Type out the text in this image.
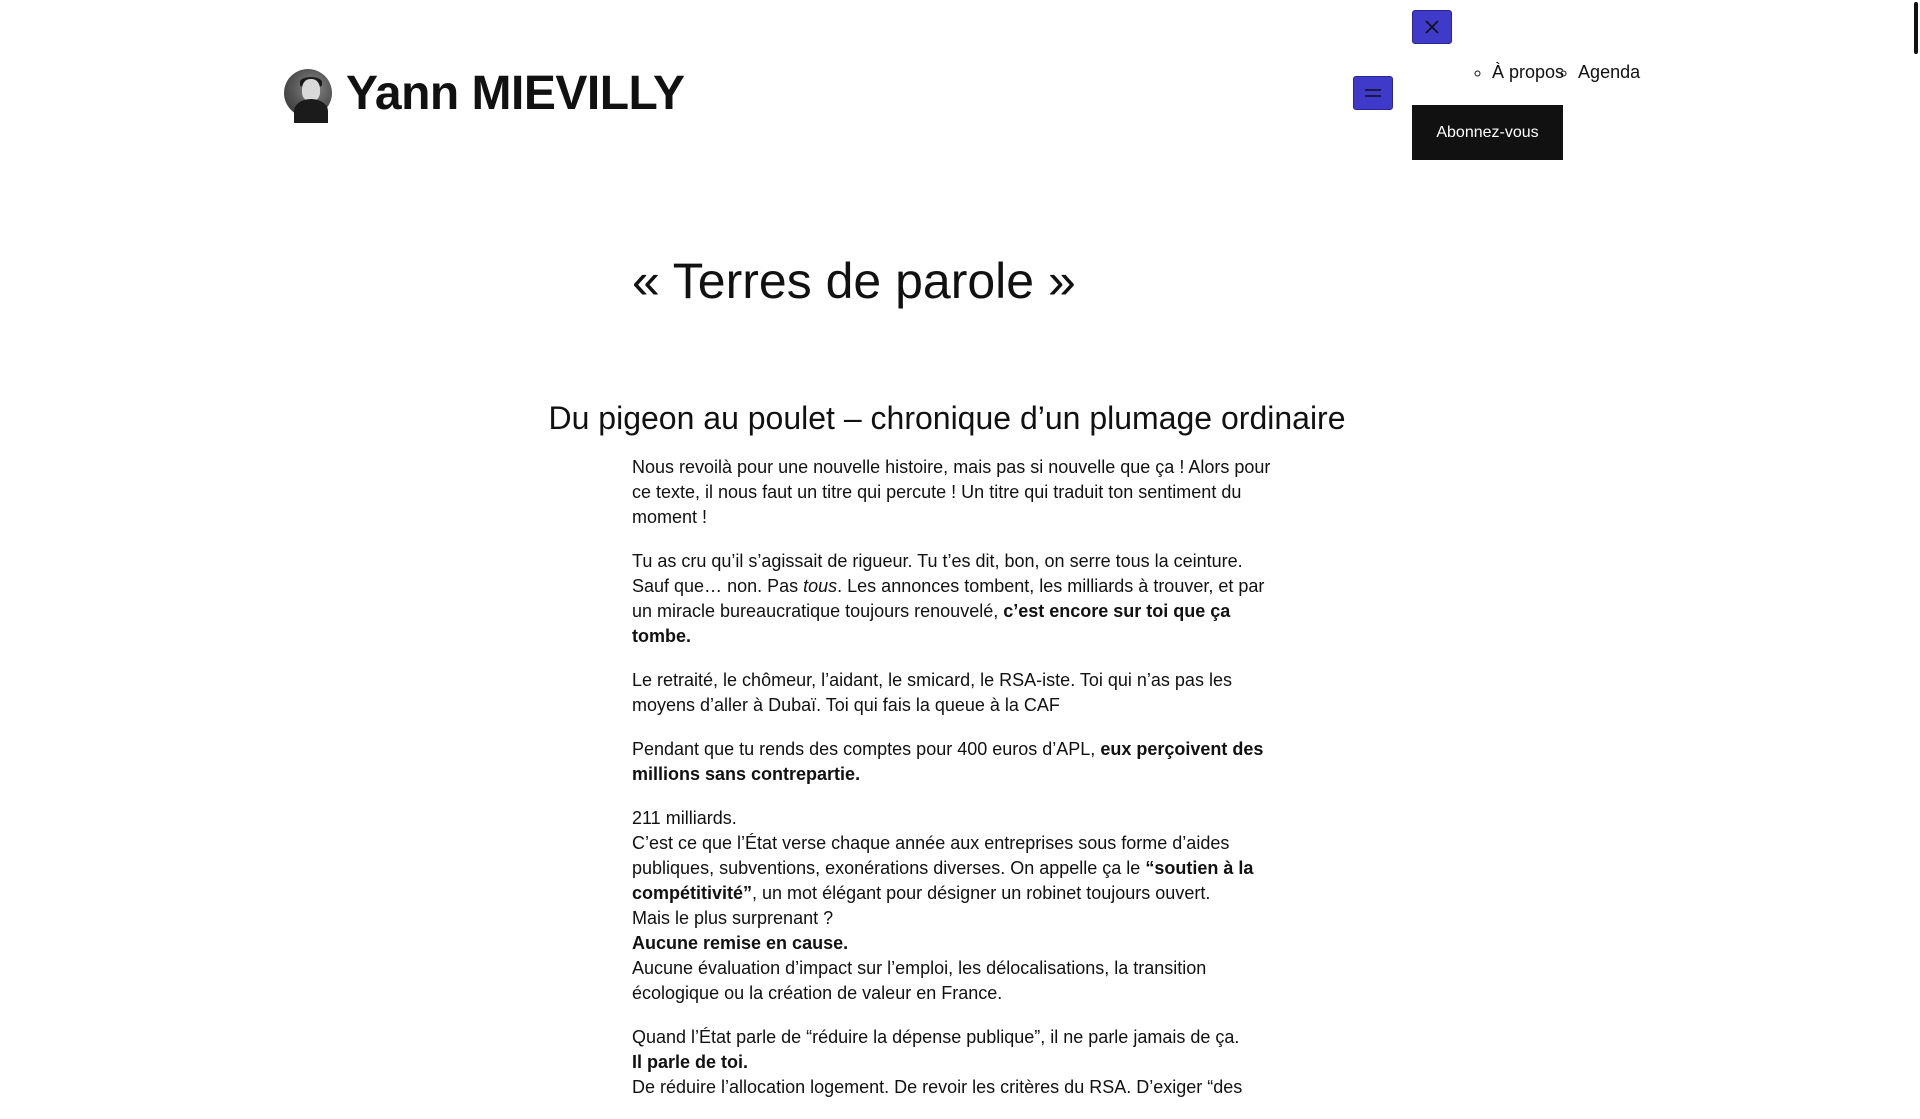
Yann MIEVILLY	◦ À propos ◦ Agenda
Abonnez-vous
« Terres de parole »
Du pigeon au poulet – chronique d’un plumage ordinaire

Nous revoilà pour une nouvelle histoire, mais pas si nouvelle que ça ! Alors pour ce texte, il nous faut un titre qui percute ! Un titre qui traduit ton sentiment du moment !

Tu as cru qu’il s’agissait de rigueur. Tu t’es dit, bon, on serre tous la ceinture. Sauf que… non. Pas tous. Les annonces tombent, les milliards à trouver, et par un miracle bureaucratique toujours renouvelé, c’est encore sur toi que ça tombe.

Le retraité, le chômeur, l’aidant, le smicard, le RSA-iste. Toi qui n’as pas les moyens d’aller à Dubaï. Toi qui fais la queue à la CAF

Pendant que tu rends des comptes pour 400 euros d’APL, eux perçoivent des millions sans contrepartie.

211 milliards.
C’est ce que l’État verse chaque année aux entreprises sous forme d’aides publiques, subventions, exonérations diverses. On appelle ça le “soutien à la compétitivité”, un mot élégant pour désigner un robinet toujours ouvert.
Mais le plus surprenant ?
Aucune remise en cause.
Aucune évaluation d’impact sur l’emploi, les délocalisations, la transition écologique ou la création de valeur en France.

Quand l’État parle de “réduire la dépense publique”, il ne parle jamais de ça.
Il parle de toi.
De réduire l’allocation logement. De revoir les critères du RSA. D’exiger “des
